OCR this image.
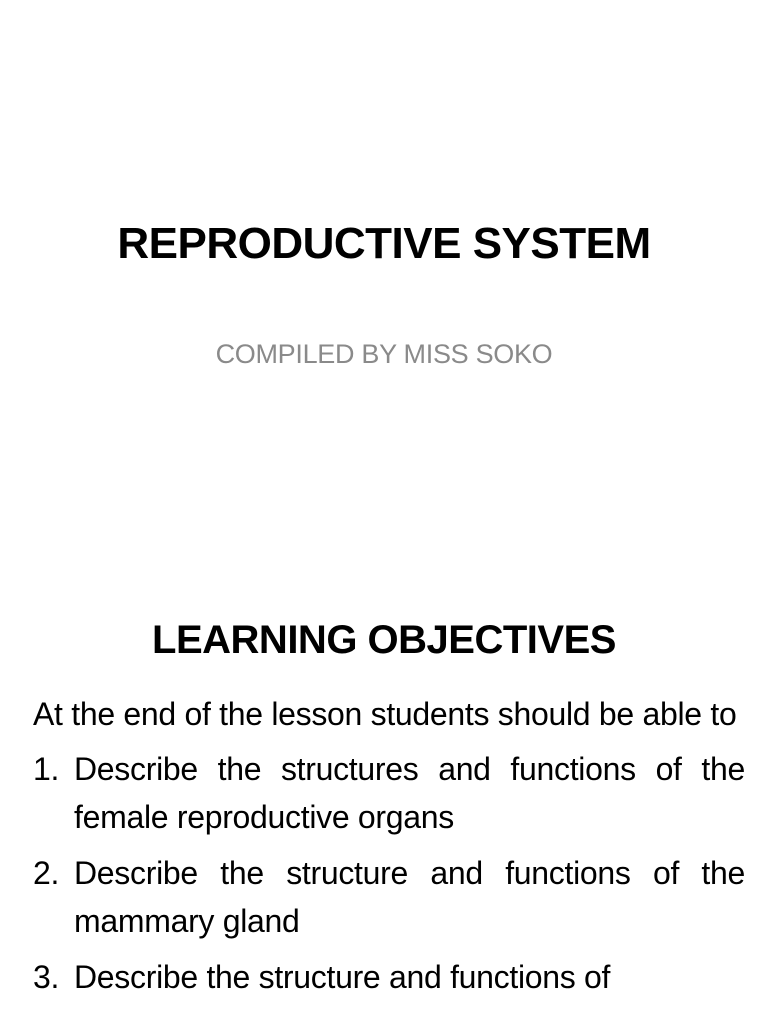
REPRODUCTIVE SYSTEM
COMPILED BY MISS SOKO
LEARNING OBJECTIVES
At the end of the lesson students should be able to
1. Describe the structures and functions of the female reproductive organs
2. Describe the structure and functions of the mammary gland
3. Describe the structure and functions of
